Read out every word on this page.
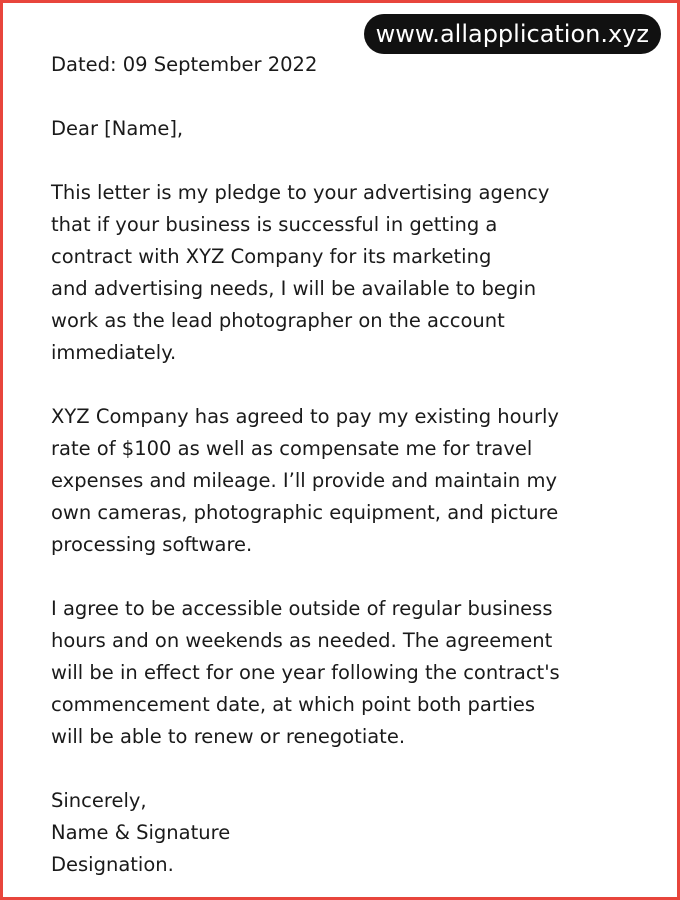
www.allapplication.xyz
Dated: 09 September 2022
Dear [Name],
This letter is my pledge to your advertising agency
that if your business is successful in getting a
contract with XYZ Company for its marketing
and advertising needs, I will be available to begin
work as the lead photographer on the account
immediately.
XYZ Company has agreed to pay my existing hourly
rate of $100 as well as compensate me for travel
expenses and mileage. I’ll provide and maintain my
own cameras, photographic equipment, and picture
processing software.
I agree to be accessible outside of regular business
hours and on weekends as needed. The agreement
will be in effect for one year following the contract's
commencement date, at which point both parties
will be able to renew or renegotiate.
Sincerely,
Name & Signature
Designation.
